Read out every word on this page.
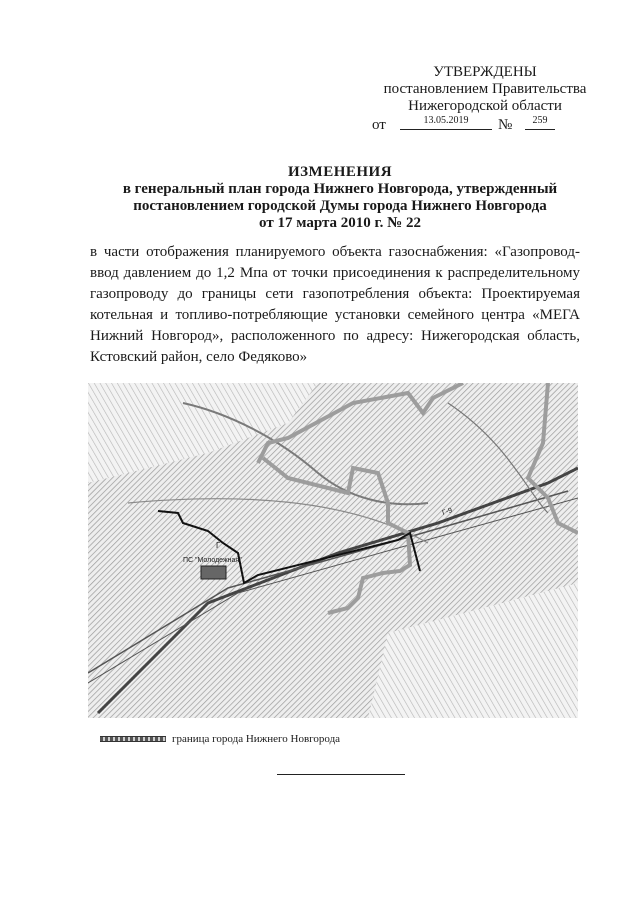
УТВЕРЖДЕНЫ
постановлением Правительства
Нижегородской области
от	13.05.2019	№	259
ИЗМЕНЕНИЯ
в генеральный план города Нижнего Новгорода, утвержденный
постановлением городской Думы города Нижнего Новгорода
от 17 марта 2010 г. № 22
в части отображения планируемого объекта газоснабжения: «Газопровод-ввод давлением до 1,2 Мпа от точки присоединения к распределительному газопроводу до границы сети газопотребления объекта: Проектируемая котельная и топливо-потребляющие установки семейного центра «МЕГА Нижний Новгород», расположенного по адресу: Нижегородская область, Кстовский район, село Федяково»
ПС "Молодежная"
Г
Г-9
граница города Нижнего Новгорода
